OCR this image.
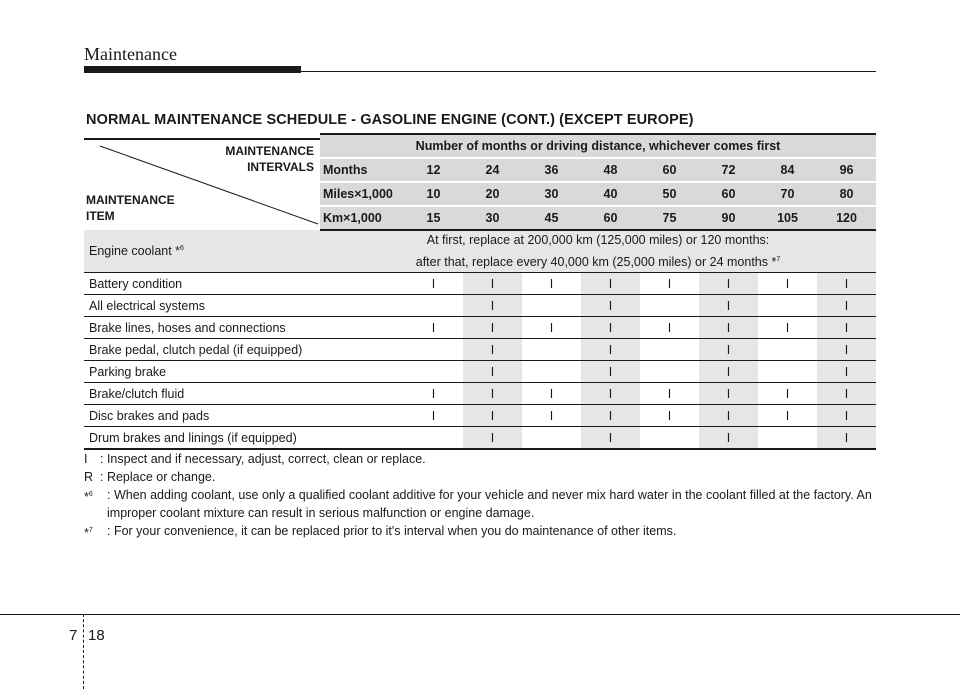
Maintenance
NORMAL MAINTENANCE SCHEDULE - GASOLINE ENGINE (CONT.) (EXCEPT EUROPE)
MAINTENANCE
INTERVALS
MAINTENANCE
ITEM	Number of months or driving distance, whichever comes first								
	Months	12	24	36	48	60	72	84	96
	Miles×1,000	10	20	30	40	50	60	70	80
	Km×1,000	15	30	45	60	75	90	105	120
Engine coolant *$^6$	At first, replace at 200,000 km (125,000 miles) or 120 months:
after that, replace every 40,000 km (25,000 miles) or 24 months *$^7$

Battery condition		I	I	I	I	I	I	I	I
All electrical systems			I		I		I		I
Brake lines, hoses and connections		I	I	I	I	I	I	I	I
Brake pedal, clutch pedal (if equipped)			I		I		I		I
Parking brake			I		I		I		I
Brake/clutch fluid		I	I	I	I	I	I	I	I
Disc brakes and pads		I	I	I	I	I	I	I	I
Drum brakes and linings (if equipped)			I		I		I		I
I : Inspect and if necessary, adjust, correct, clean or replace.
R : Replace or change.
*$^6$ : When adding coolant, use only a qualified coolant additive for your vehicle and never mix hard water in the coolant filled at the factory. An improper coolant mixture can result in serious malfunction or engine damage.
*$^7$ : For your convenience, it can be replaced prior to it's interval when you do maintenance of other items.
7 18
